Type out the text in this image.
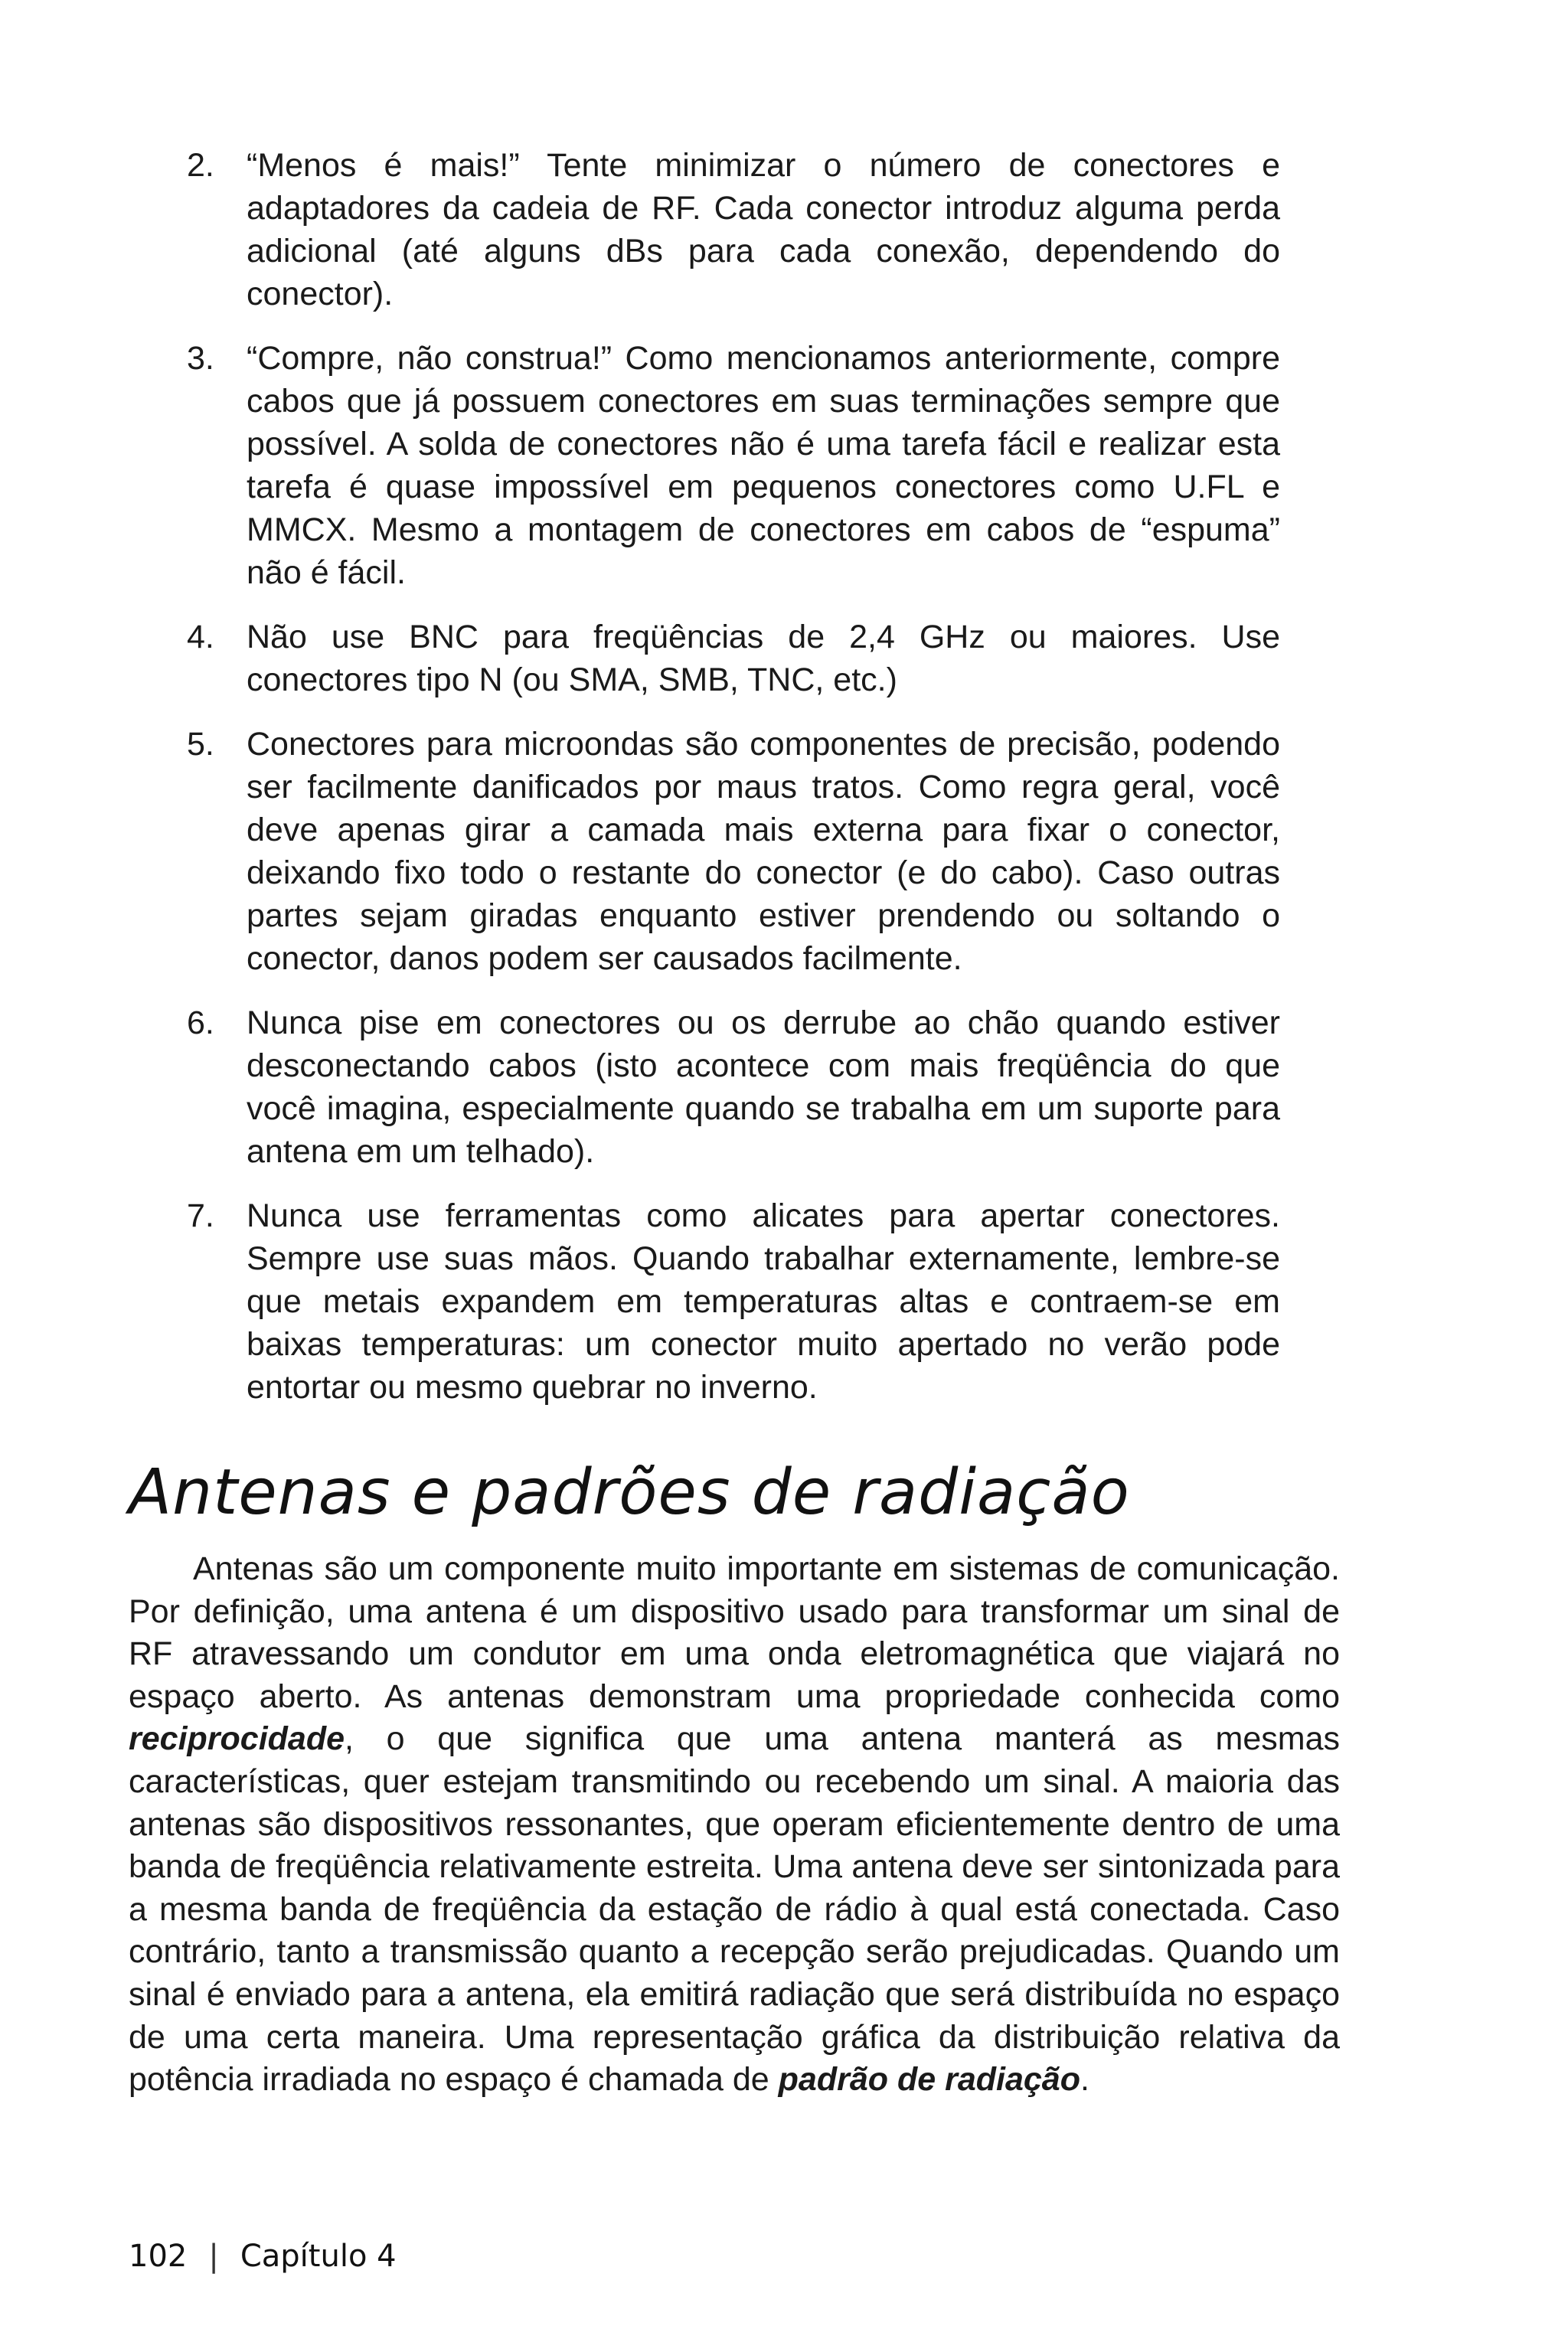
2. “Menos é mais!” Tente minimizar o número de conectores e adaptadores da cadeia de RF. Cada conector introduz alguma perda adicional (até alguns dBs para cada conexão, dependendo do conector).
3. “Compre, não construa!” Como mencionamos anteriormente, compre cabos que já possuem conectores em suas terminações sempre que possível. A solda de conectores não é uma tarefa fácil e realizar esta tarefa é quase impossível em pequenos conectores como U.FL e MMCX. Mesmo a montagem de conectores em cabos de “espuma” não é fácil.
4. Não use BNC para freqüências de 2,4 GHz ou maiores. Use conectores tipo N (ou SMA, SMB, TNC, etc.)
5. Conectores para microondas são componentes de precisão, podendo ser facilmente danificados por maus tratos. Como regra geral, você deve apenas girar a camada mais externa para fixar o conector, deixando fixo todo o restante do conector (e do cabo). Caso outras partes sejam giradas enquanto estiver prendendo ou soltando o conector, danos podem ser causados facilmente.
6. Nunca pise em conectores ou os derrube ao chão quando estiver desconectando cabos (isto acontece com mais freqüência do que você imagina, especialmente quando se trabalha em um suporte para antena em um telhado).
7. Nunca use ferramentas como alicates para apertar conectores. Sempre use suas mãos. Quando trabalhar externamente, lembre-se que metais expandem em temperaturas altas e contraem-se em baixas temperaturas: um conector muito apertado no verão pode entortar ou mesmo quebrar no inverno.
Antenas e padrões de radiação

Antenas são um componente muito importante em sistemas de comunicação. Por definição, uma antena é um dispositivo usado para transformar um sinal de RF atravessando um condutor em uma onda eletromagnética que viajará no espaço aberto. As antenas demonstram uma propriedade conhecida como reciprocidade, o que significa que uma antena manterá as mesmas características, quer estejam transmitindo ou recebendo um sinal. A maioria das antenas são dispositivos ressonantes, que operam eficientemente dentro de uma banda de freqüência relativamente estreita. Uma antena deve ser sintonizada para a mesma banda de freqüência da estação de rádio à qual está conectada. Caso contrário, tanto a transmissão quanto a recepção serão prejudicadas. Quando um sinal é enviado para a antena, ela emitirá radiação que será distribuída no espaço de uma certa maneira. Uma representação gráfica da distribuição relativa da potência irradiada no espaço é chamada de padrão de radiação.

102 | Capítulo 4
